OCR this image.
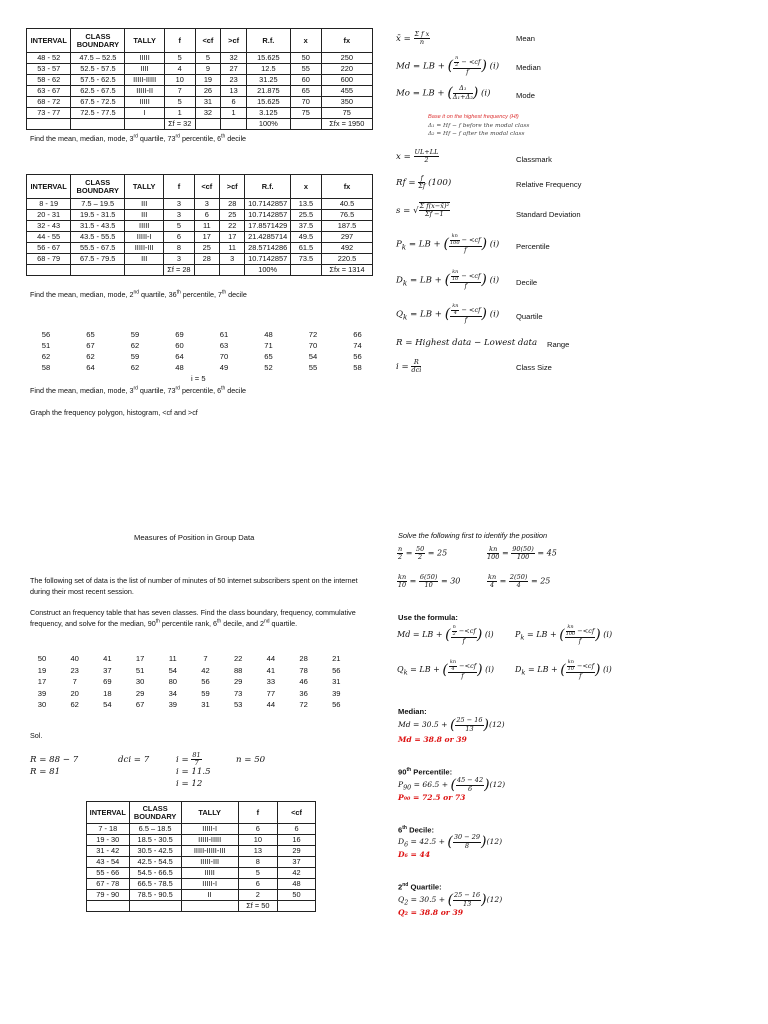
INTERVAL	CLASS BOUNDARY	TALLY	f	<cf	>cf	R.f.	x	fx
48 - 52	47.5 – 52.5	IIIII	5	5	32	15.625	50	250
53 - 57	52.5 - 57.5	IIII	4	9	27	12.5	55	220
58 - 62	57.5 - 62.5	IIIII-IIIII	10	19	23	31.25	60	600
63 - 67	62.5 - 67.5	IIIII-II	7	26	13	21.875	65	455
68 - 72	67.5 - 72.5	IIIII	5	31	6	15.625	70	350
73 - 77	72.5 - 77.5	I	1	32	1	3.125	75	75
			Σf = 32			100%		Σfx = 1950
Find the mean, median, mode, 3rd quartile, 73rd percentile, 6th decile
INTERVAL	CLASS BOUNDARY	TALLY	f	<cf	>cf	R.f.	x	fx
8 - 19	7.5 – 19.5	III	3	3	28	10.7142857	13.5	40.5
20 - 31	19.5 - 31.5	III	3	6	25	10.7142857	25.5	76.5
32 - 43	31.5 - 43.5	IIIII	5	11	22	17.8571429	37.5	187.5
44 - 55	43.5 - 55.5	IIIII-I	6	17	17	21.4285714	49.5	297
56 - 67	55.5 - 67.5	IIIII-III	8	25	11	28.5714286	61.5	492
68 - 79	67.5 - 79.5	III	3	28	3	10.7142857	73.5	220.5
			Σf = 28			100%		Σfx = 1314
Find the mean, median, mode, 2nd quartile, 36th percentile, 7th decile
56	65	59	69	61	48	72	66
51	67	62	60	63	71	70	74
62	62	59	64	70	65	54	56
58	64	62	48	49	52	55	58
i = 5
Find the mean, median, mode, 3rd quartile, 73rd percentile, 6th decile
Graph the frequency polygon, histogram, <cf and >cf
x̄ = $\frac{\text{Σ f x}}{n}$	Mean
Md = LB + ( $\frac{\frac{n}{2} - <cf}{f}$ ) (i) Median
Mo = LB + ( $\frac{\text{Δ₁}}{\text{Δ₁+Δ₂}}$ ) (i)	Mode
Base it on the highest frequency (Hf)
Δ₁ = Hf − f before the modal class
Δ₂ = Hf − f after the modal class
$x = \frac{UL+LL}{2}$	Classmark
$Rf = \frac{f}{\Sigma f} (100)$	Relative Frequency
s = √ $\frac{\text{Σ f(x−x̄)²}}{\Sigma f -1}$	Standard Deviation
$P_k$ = LB + ( $\frac{\frac{kn}{100} - <cf}{f}$ ) (i) Percentile
$D_k$ = LB + ( $\frac{\frac{kn}{10} - <cf}{f}$ ) (i) Decile
$Q_k$ = LB + ( $\frac{\frac{kn}{4} - <cf}{f}$ ) (i) Quartile
R = Highest data − Lowest data Range
$i = \frac{R}{\text{dci}}$	Class Size
Measures of Position in Group Data
The following set of data is the list of number of minutes of 50 internet subscribers spent on the internet during their most recent session.
Construct an frequency table that has seven classes. Find the class boundary, frequency, commulative frequency, and solve for the median, 90th percentile rank, 6th decile, and 2nd quartile.
50	40	41	17	11	7	22	44	28	21
19	23	37	51	54	42	88	41	78	56
17	7	69	30	80	56	29	33	46	31
39	20	18	29	34	59	73	77	36	39
30	62	54	67	39	31	53	44	72	56
Sol.
R = 88 − 7
R = 81
dci = 7	$i = \frac{81}{7}$
i = 11.5
i = 12
n = 50
INTERVAL	CLASS BOUNDARY	TALLY	f	<cf
7 - 18	6.5 – 18.5	IIIII-I	6	6
19 - 30	18.5 - 30.5	IIIII-IIIII	10	16
31 - 42	30.5 - 42.5	IIIII-IIIII-III	13	29
43 - 54	42.5 - 54.5	IIIII-III	8	37
55 - 66	54.5 - 66.5	IIIII	5	42
67 - 78	66.5 - 78.5	IIIII-I	6	48
79 - 90	78.5 - 90.5	II	2	50
			Σf = 50	
Solve the following first to identify the position
$\frac{n}{2} = \frac{50}{2} = 25$	$\frac{kn}{100} = \frac{90(50)}{100} = 45$
$\frac{kn}{10} = \frac{6(50)}{10} = 30$	$\frac{kn}{4} = \frac{2(50)}{4} = 25$
Use the formula:
Md = LB + ( $\frac{\frac{n}{2} -<cf}{f}$ ) (i)	$P_k$ = LB + ( $\frac{\frac{kn}{100} -<cf}{f}$ ) (i)
$Q_k$ = LB + ( $\frac{\frac{kn}{4} -<cf}{f}$ ) (i)	$D_k$ = LB + ( $\frac{\frac{kn}{10} -<cf}{f}$ ) (i)
Median:
Md = 30.5 + ( $\frac{25 - 16}{13} )(12)$
Md = 38.8 or 39
90th Percentile:
$P_{90} = 66.5$ + ( $\frac{45 - 42}{6} )(12)$
P₉₀ = 72.5 or 73
6th Decile:
$D_6 = 42.5$ + ( $\frac{30 - 29}{8} )(12)$
D₆ = 44
2nd Quartile:
$Q_2 = 30.5$ + ( $\frac{25 - 16}{13} )(12)$
Q₂ = 38.8 or 39
